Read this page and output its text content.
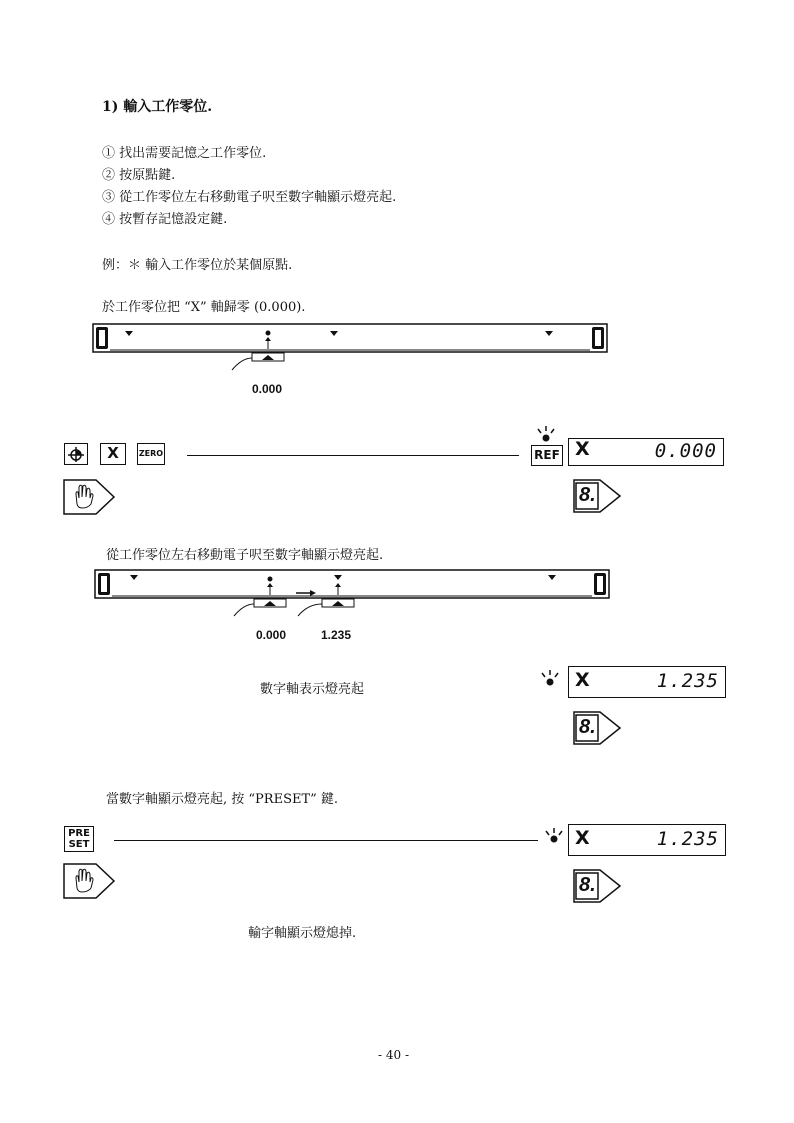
1) 輸入工作零位.
① 找出需要記憶之工作零位.
② 按原點鍵.
③ 從工作零位左右移動電子呎至數字軸顯示燈亮起.
④ 按暫存記憶設定鍵.
例：＊ 輸入工作零位於某個原點.
於工作零位把 “X” 軸歸零 (0.000).
0.000
X	ZERO	REF X	0.000
8.
從工作零位左右移動電子呎至數字軸顯示燈亮起.
0.000	1.235
數字軸表示燈亮起	X	1.235
8.
當數字軸顯示燈亮起, 按 “PRESET” 鍵.
PRE
SET	X	1.235
8.
輸字軸顯示燈熄掉.
- 40 -
